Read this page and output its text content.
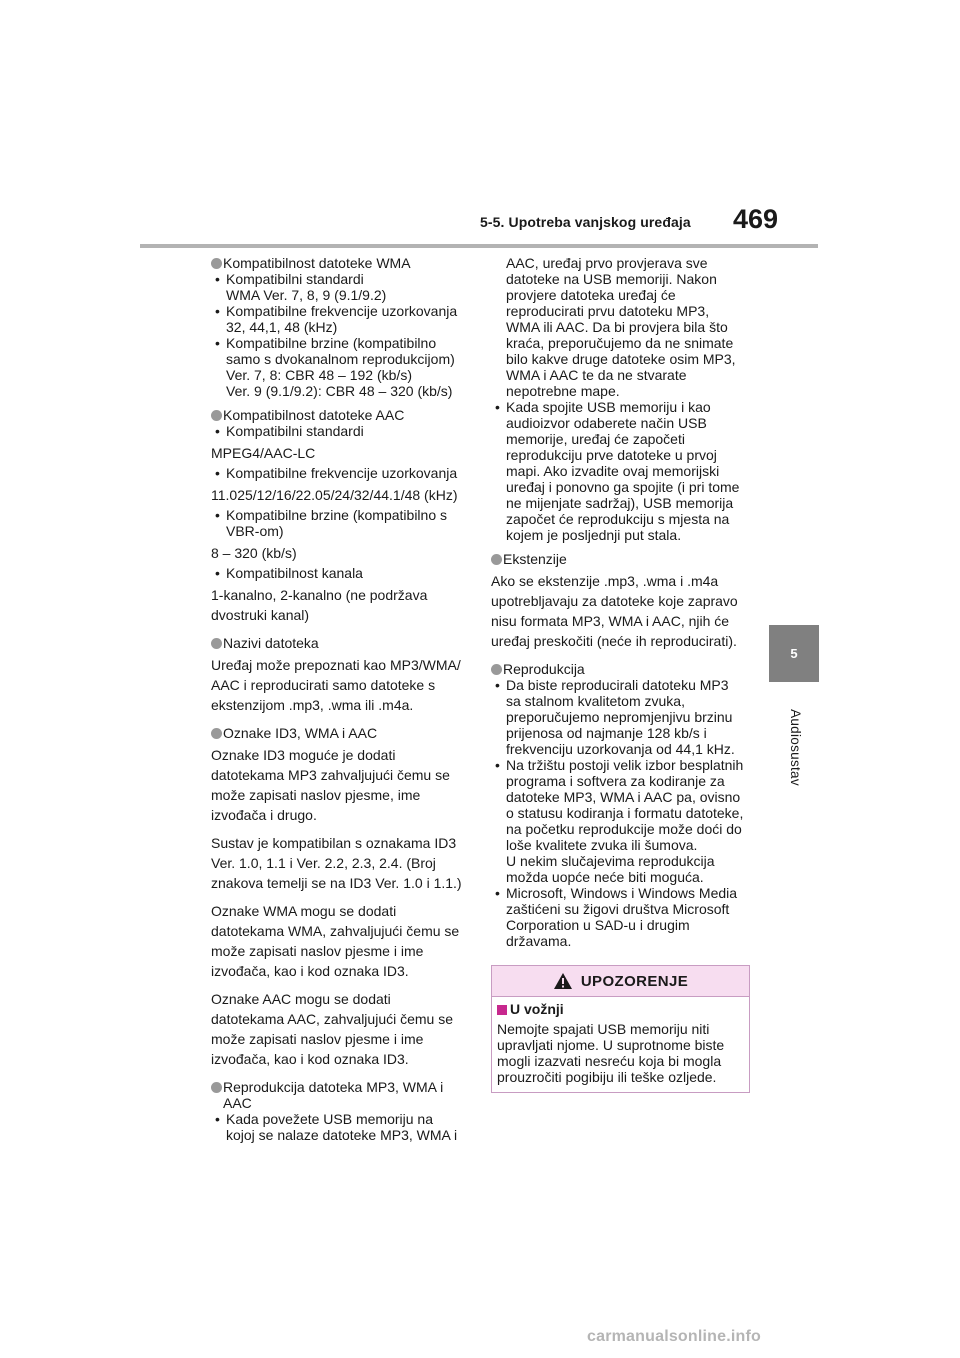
5-5. Upotreba vanjskog uređaja 469
5
Audiosustav
Kompatibilnost datoteke WMA
• Kompatibilni standardi
WMA Ver. 7, 8, 9 (9.1/9.2)
• Kompatibilne frekvencije uzorkovanja
32, 44,1, 48 (kHz)
• Kompatibilne brzine (kompatibilno
samo s dvokanalnom reprodukcijom)
Ver. 7, 8: CBR 48 – 192 (kb/s)
Ver. 9 (9.1/9.2): CBR 48 – 320 (kb/s)
Kompatibilnost datoteke AAC
• Kompatibilni standardi
MPEG4/AAC-LC
• Kompatibilne frekvencije uzorkovanja
11.025/12/16/22.05/24/32/44.1/48 (kHz)
• Kompatibilne brzine (kompatibilno s
VBR-om)
8 – 320 (kb/s)
• Kompatibilnost kanala
1-kanalno, 2-kanalno (ne podržava
dvostruki kanal)
Nazivi datoteka
Uređaj može prepoznati kao MP3/WMA/
AAC i reproducirati samo datoteke s
ekstenzijom .mp3, .wma ili .m4a.
Oznake ID3, WMA i AAC
Oznake ID3 moguće je dodati
datotekama MP3 zahvaljujući čemu se
može zapisati naslov pjesme, ime
izvođača i drugo.
Sustav je kompatibilan s oznakama ID3
Ver. 1.0, 1.1 i Ver. 2.2, 2.3, 2.4. (Broj
znakova temelji se na ID3 Ver. 1.0 i 1.1.)
Oznake WMA mogu se dodati
datotekama WMA, zahvaljujući čemu se
može zapisati naslov pjesme i ime
izvođača, kao i kod oznaka ID3.
Oznake AAC mogu se dodati
datotekama AAC, zahvaljujući čemu se
može zapisati naslov pjesme i ime
izvođača, kao i kod oznaka ID3.
Reprodukcija datoteka MP3, WMA i
AAC
• Kada povežete USB memoriju na
kojoj se nalaze datoteke MP3, WMA i
AAC, uređaj prvo provjerava sve
datoteke na USB memoriji. Nakon
provjere datoteka uređaj će
reproducirati prvu datoteku MP3,
WMA ili AAC. Da bi provjera bila što
kraća, preporučujemo da ne snimate
bilo kakve druge datoteke osim MP3,
WMA i AAC te da ne stvarate
nepotrebne mape.
• Kada spojite USB memoriju i kao
audioizvor odaberete način USB
memorije, uređaj će započeti
reprodukciju prve datoteke u prvoj
mapi. Ako izvadite ovaj memorijski
uređaj i ponovno ga spojite (i pri tome
ne mijenjate sadržaj), USB memorija
započet će reprodukciju s mjesta na
kojem je posljednji put stala.
Ekstenzije
Ako se ekstenzije .mp3, .wma i .m4a
upotrebljavaju za datoteke koje zapravo
nisu formata MP3, WMA i AAC, njih će
uređaj preskočiti (neće ih reproducirati).
Reprodukcija
• Da biste reproducirali datoteku MP3
sa stalnom kvalitetom zvuka,
preporučujemo nepromjenjivu brzinu
prijenosa od najmanje 128 kb/s i
frekvenciju uzorkovanja od 44,1 kHz.
• Na tržištu postoji velik izbor besplatnih
programa i softvera za kodiranje za
datoteke MP3, WMA i AAC pa, ovisno
o statusu kodiranja i formatu datoteke,
na početku reprodukcije može doći do
loše kvalitete zvuka ili šumova.
U nekim slučajevima reprodukcija
možda uopće neće biti moguća.
• Microsoft, Windows i Windows Media
zaštićeni su žigovi društva Microsoft
Corporation u SAD-u i drugim
državama.
UPOZORENJE
U vožnji
Nemojte spajati USB memoriju niti
upravljati njome. U suprotnome biste
mogli izazvati nesreću koja bi mogla
prouzročiti pogibiju ili teške ozljede.
carmanualsonline.info
